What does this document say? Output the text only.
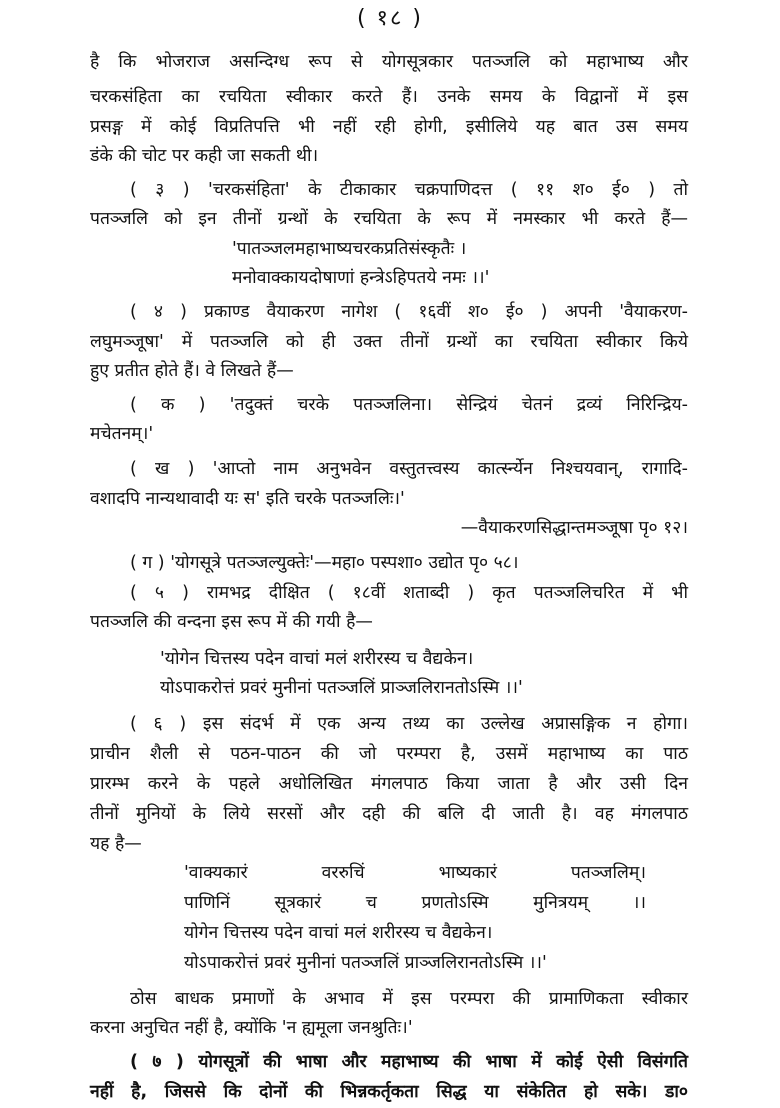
( १८ )
है कि भोजराज असन्दिग्ध रूप से योगसूत्रकार पतञ्जलि को महाभाष्य और
चरकसंहिता का रचयिता स्वीकार करते हैं। उनके समय के विद्वानों में इस
प्रसङ्ग में कोई विप्रतिपत्ति भी नहीं रही होगी, इसीलिये यह बात उस समय
डंके की चोट पर कही जा सकती थी।
( ३ ) 'चरकसंहिता' के टीकाकार चक्रपाणिदत्त ( ११ श० ई० ) तो
पतञ्जलि को इन तीनों ग्रन्थों के रचयिता के रूप में नमस्कार भी करते हैं—
'पातञ्जलमहाभाष्यचरकप्रतिसंस्कृतैः ।
मनोवाक्कायदोषाणां हन्त्रेऽहिपतये नमः ।।'
( ४ ) प्रकाण्ड वैयाकरण नागेश ( १६वीं श० ई० ) अपनी 'वैयाकरण-
लघुमञ्जूषा' में पतञ्जलि को ही उक्त तीनों ग्रन्थों का रचयिता स्वीकार किये
हुए प्रतीत होते हैं। वे लिखते हैं—
( क ) 'तदुक्तं चरके पतञ्जलिना। सेन्द्रियं चेतनं द्रव्यं निरिन्द्रिय-
मचेतनम्।'
( ख ) 'आप्तो नाम अनुभवेन वस्तुतत्त्वस्य कार्त्स्न्येन निश्चयवान्, रागादि-
वशादपि नान्यथावादी यः स' इति चरके पतञ्जलिः।'
—वैयाकरणसिद्धान्तमञ्जूषा पृ० १२।
( ग ) 'योगसूत्रे पतञ्जल्युक्तेः'—महा० पस्पशा० उद्योत पृ० ५८।
( ५ ) रामभद्र दीक्षित ( १८वीं शताब्दी ) कृत पतञ्जलिचरित में भी
पतञ्जलि की वन्दना इस रूप में की गयी है—
'योगेन चित्तस्य पदेन वाचां मलं शरीरस्य च वैद्यकेन।
योऽपाकरोत्तं प्रवरं मुनीनां पतञ्जलिं प्राञ्जलिरानतोऽस्मि ।।'
( ६ ) इस संदर्भ में एक अन्य तथ्य का उल्लेख अप्रासङ्गिक न होगा।
प्राचीन शैली से पठन-पाठन की जो परम्परा है, उसमें महाभाष्य का पाठ
प्रारम्भ करने के पहले अधोलिखित मंगलपाठ किया जाता है और उसी दिन
तीनों मुनियों के लिये सरसों और दही की बलि दी जाती है। वह मंगलपाठ
यह है—
'वाक्यकारं वररुचिं भाष्यकारं पतञ्जलिम्।
पाणिनिं सूत्रकारं च प्रणतोऽस्मि मुनित्रयम् ।।
योगेन चित्तस्य पदेन वाचां मलं शरीरस्य च वैद्यकेन।
योऽपाकरोत्तं प्रवरं मुनीनां पतञ्जलिं प्राञ्जलिरानतोऽस्मि ।।'
ठोस बाधक प्रमाणों के अभाव में इस परम्परा की प्रामाणिकता स्वीकार
करना अनुचित नहीं है, क्योंकि 'न ह्यमूला जनश्रुतिः।'
( ७ ) योगसूत्रों की भाषा और महाभाष्य की भाषा में कोई ऐसी विसंगति
नहीं है, जिससे कि दोनों की भिन्नकर्तृकता सिद्ध या संकेतित हो सके। डा०
